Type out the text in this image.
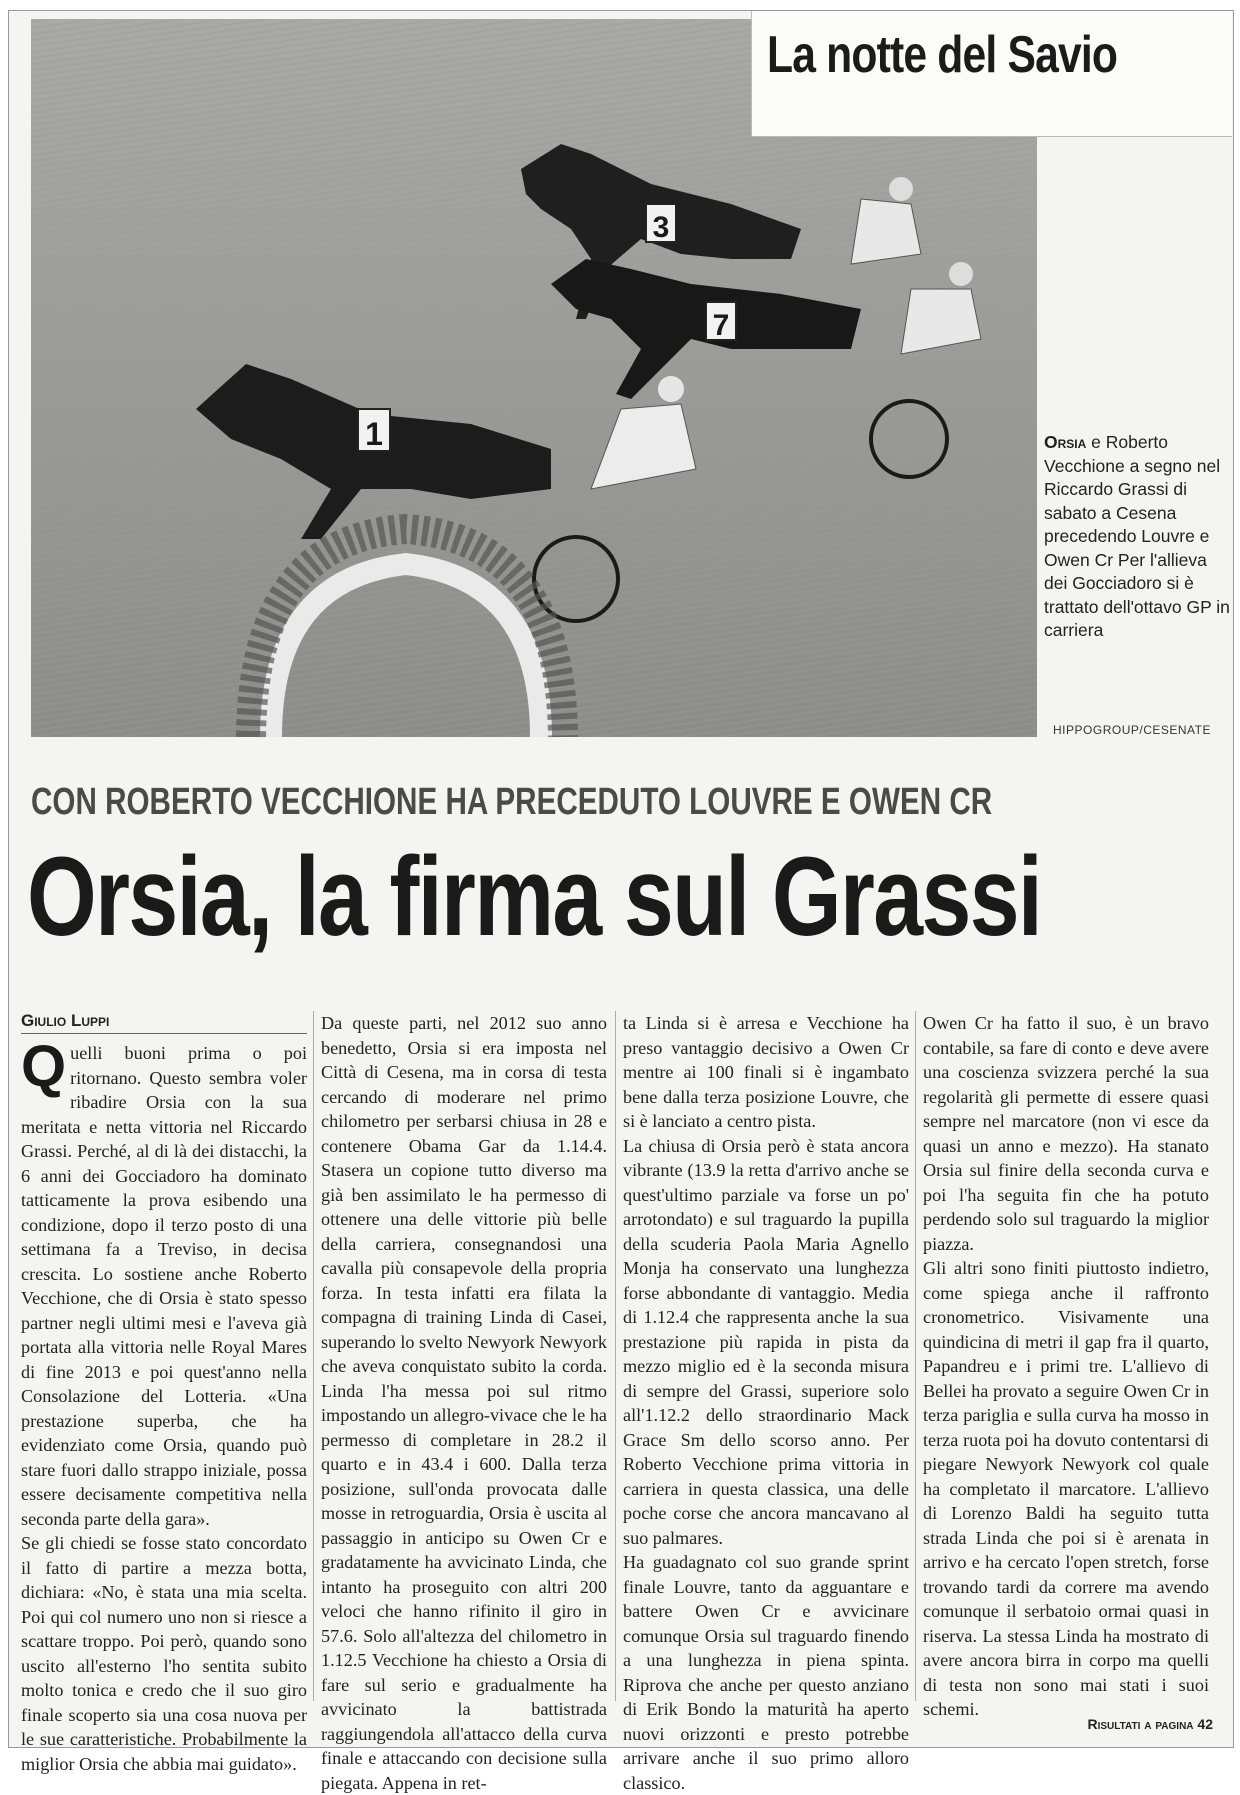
3
7
1
La notte del Savio
Orsia e Roberto Vecchione a segno nel Riccardo Grassi di sabato a Cesena precedendo Louvre e Owen Cr Per l'allieva dei Gocciadoro si è trattato dell'ottavo GP in carriera
HIPPOGROUP/CESENATE
CON ROBERTO VECCHIONE HA PRECEDUTO LOUVRE E OWEN CR
Orsia, la firma sul Grassi
Giulio Luppi
Quelli buoni prima o poi ritornano. Questo sembra voler ribadire Orsia con la sua meritata e netta vittoria nel Riccardo Grassi. Perché, al di là dei distacchi, la 6 anni dei Gocciadoro ha dominato tatticamente la prova esibendo una condizione, dopo il terzo posto di una settimana fa a Treviso, in decisa crescita. Lo sostiene anche Roberto Vecchione, che di Orsia è stato spesso partner negli ultimi mesi e l'aveva già portata alla vittoria nelle Royal Mares di fine 2013 e poi quest'anno nella Consolazione del Lotteria. «Una prestazione superba, che ha evidenziato come Orsia, quando può stare fuori dallo strappo iniziale, possa essere decisamente competitiva nella seconda parte della gara».
Se gli chiedi se fosse stato concordato il fatto di partire a mezza botta, dichiara: «No, è stata una mia scelta. Poi qui col numero uno non si riesce a scattare troppo. Poi però, quando sono uscito all'esterno l'ho sentita subito molto tonica e credo che il suo giro finale scoperto sia una cosa nuova per le sue caratteristiche. Probabilmente la miglior Orsia che abbia mai guidato».
Da queste parti, nel 2012 suo anno benedetto, Orsia si era imposta nel Città di Cesena, ma in corsa di testa cercando di moderare nel primo chilometro per serbarsi chiusa in 28 e contenere Obama Gar da 1.14.4. Stasera un copione tutto diverso ma già ben assimilato le ha permesso di ottenere una delle vittorie più belle della carriera, consegnandosi una cavalla più consapevole della propria forza. In testa infatti era filata la compagna di training Linda di Casei, superando lo svelto Newyork Newyork che aveva conquistato subito la corda. Linda l'ha messa poi sul ritmo impostando un allegro-vivace che le ha permesso di completare in 28.2 il quarto e in 43.4 i 600. Dalla terza posizione, sull'onda provocata dalle mosse in retroguardia, Orsia è uscita al passaggio in anticipo su Owen Cr e gradatamente ha avvicinato Linda, che intanto ha proseguito con altri 200 veloci che hanno rifinito il giro in 57.6. Solo all'altezza del chilometro in 1.12.5 Vecchione ha chiesto a Orsia di fare sul serio e gradualmente ha avvicinato la battistrada raggiungendola all'attacco della curva finale e attaccando con decisione sulla piegata. Appena in ret-
ta Linda si è arresa e Vecchione ha preso vantaggio decisivo a Owen Cr mentre ai 100 finali si è ingambato bene dalla terza posizione Louvre, che si è lanciato a centro pista.
La chiusa di Orsia però è stata ancora vibrante (13.9 la retta d'arrivo anche se quest'ultimo parziale va forse un po' arrotondato) e sul traguardo la pupilla della scuderia Paola Maria Agnello Monja ha conservato una lunghezza forse abbondante di vantaggio. Media di 1.12.4 che rappresenta anche la sua prestazione più rapida in pista da mezzo miglio ed è la seconda misura di sempre del Grassi, superiore solo all'1.12.2 dello straordinario Mack Grace Sm dello scorso anno. Per Roberto Vecchione prima vittoria in carriera in questa classica, una delle poche corse che ancora mancavano al suo palmares.
Ha guadagnato col suo grande sprint finale Louvre, tanto da agguantare e battere Owen Cr e avvicinare comunque Orsia sul traguardo finendo a una lunghezza in piena spinta. Riprova che anche per questo anziano di Erik Bondo la maturità ha aperto nuovi orizzonti e presto potrebbe arrivare anche il suo primo alloro classico.
Owen Cr ha fatto il suo, è un bravo contabile, sa fare di conto e deve avere una coscienza svizzera perché la sua regolarità gli permette di essere quasi sempre nel marcatore (non vi esce da quasi un anno e mezzo). Ha stanato Orsia sul finire della seconda curva e poi l'ha seguita fin che ha potuto perdendo solo sul traguardo la miglior piazza.
Gli altri sono finiti piuttosto indietro, come spiega anche il raffronto cronometrico. Visivamente una quindicina di metri il gap fra il quarto, Papandreu e i primi tre. L'allievo di Bellei ha provato a seguire Owen Cr in terza pariglia e sulla curva ha mosso in terza ruota poi ha dovuto contentarsi di piegare Newyork Newyork col quale ha completato il marcatore. L'allievo di Lorenzo Baldi ha seguito tutta strada Linda che poi si è arenata in arrivo e ha cercato l'open stretch, forse trovando tardi da correre ma avendo comunque il serbatoio ormai quasi in riserva. La stessa Linda ha mostrato di avere ancora birra in corpo ma quelli di testa non sono mai stati i suoi schemi.
Risultati a pagina 42
